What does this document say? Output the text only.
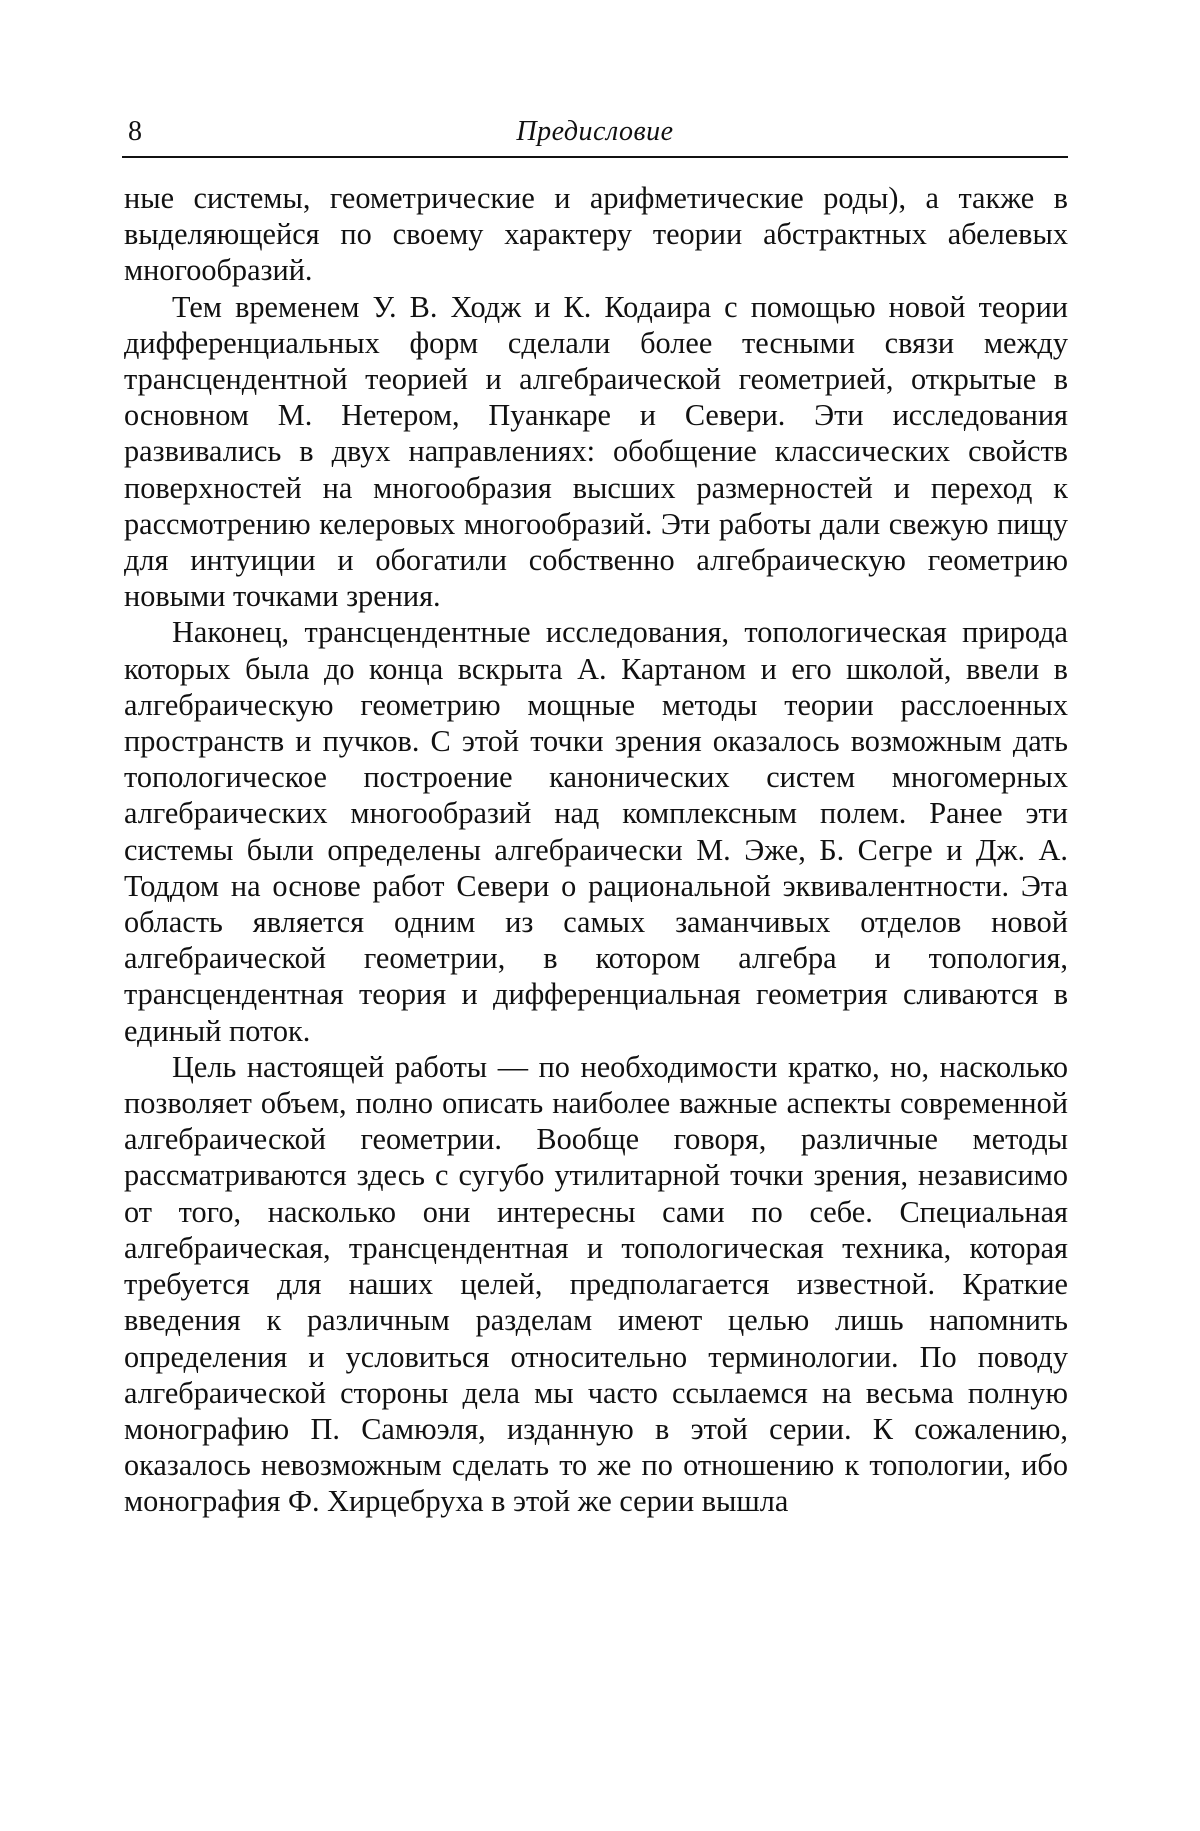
8	Предисловие

ные системы, геометрические и арифметические роды), а также в выделяющейся по своему характеру теории абстрактных абелевых многообразий.

Тем временем У. В. Ходж и К. Кодаира с помощью новой теории дифференциальных форм сделали более тесными связи между трансцендентной теорией и алгебраической геометрией, открытые в основном М. Нетером, Пуанкаре и Севери. Эти исследования развивались в двух направлениях: обобщение классических свойств поверхностей на многообразия высших размерностей и переход к рассмотрению келеровых многообразий. Эти работы дали свежую пищу для интуиции и обогатили собственно алгебраическую геометрию новыми точками зрения.

Наконец, трансцендентные исследования, топологическая природа которых была до конца вскрыта А. Картаном и его школой, ввели в алгебраическую геометрию мощные методы теории расслоенных пространств и пучков. С этой точки зрения оказалось возможным дать топологическое построение канонических систем многомерных алгебраических многообразий над комплексным полем. Ранее эти системы были определены алгебраически М. Эже, Б. Сегре и Дж. А. Тоддом на основе работ Севери о рациональной эквивалентности. Эта область является одним из самых заманчивых отделов новой алгебраической геометрии, в котором алгебра и топология, трансцендентная теория и дифференциальная геометрия сливаются в единый поток.

Цель настоящей работы — по необходимости кратко, но, насколько позволяет объем, полно описать наиболее важные аспекты современной алгебраической геометрии. Вообще говоря, различные методы рассматриваются здесь с сугубо утилитарной точки зрения, независимо от того, насколько они интересны сами по себе. Специальная алгебраическая, трансцендентная и топологическая техника, которая требуется для наших целей, предполагается известной. Краткие введения к различным разделам имеют целью лишь напомнить определения и условиться относительно терминологии. По поводу алгебраической стороны дела мы часто ссылаемся на весьма полную монографию П. Самюэля, изданную в этой серии. К сожалению, оказалось невозможным сделать то же по отношению к топологии, ибо монография Ф. Хирцебруха в этой же серии вышла
